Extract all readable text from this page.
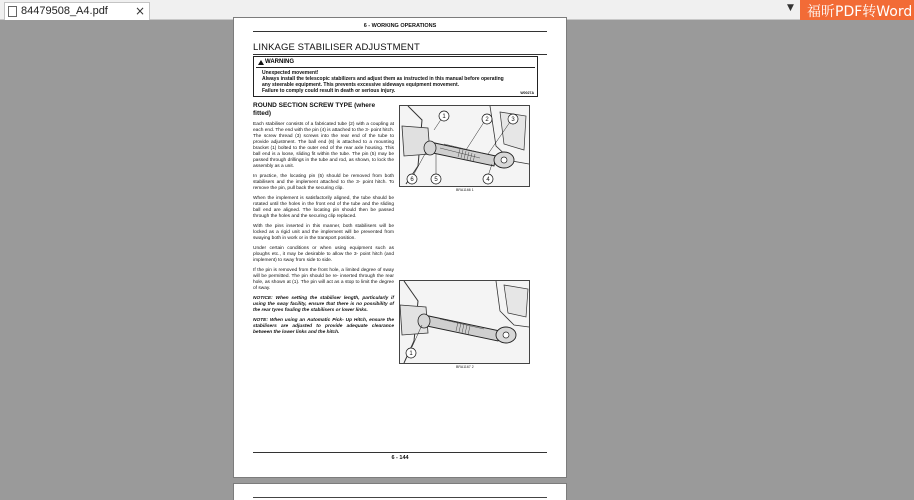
84479508_A4.pdf ×	▼ 福昕PDF转Word
6 - WORKING OPERATIONS
LINKAGE STABILISER ADJUSTMENT
WARNING
Unexpected movement!
Always install the telescopic stabilizers and adjust them as instructed in this manual before operating
any steerable equipment. This prevents excessive sideways equipment movement.
Failure to comply could result in death or serious injury.	W0027A
ROUND SECTION SCREW TYPE (where fitted)

Each stabiliser consists of a fabricated tube (2) with a coupling at each end. The end with the pin (4) is attached to the 3- point hitch. The screw thread (3) screws into the rear end of the tube to provide adjustment. The ball end (6) is attached to a mounting bracket (1) bolted to the outer end of the rear axle housing. This ball end is a loose, sliding fit within the tube. The pin (5) may be passed through drillings in the tube and rod, as shown, to lock the assembly as a unit.

In practice, the locating pin (5) should be removed from both stabilisers and the implement attached to the 3- point hitch. To remove the pin, pull back the securing clip.

When the implement is satisfactorily aligned, the tube should be rotated until the holes in the front end of the tube and the sliding ball end are aligned. The locating pin should then be passed through the holes and the securing clip replaced.

With the pins inserted in this manner, both stabilisers will be locked as a rigid unit and the implement will be prevented from swaying both in work or in the transport position.

Under certain conditions or when using equipment such as ploughs etc., it may be desirable to allow the 3- point hitch (and implement) to sway from side to side.

If the pin is removed from the front hole, a limited degree of sway will be permitted. The pin should be re- inserted through the rear hole, as shown at (1). The pin will act as a stop to limit the degree of sway.

NOTICE: When setting the stabiliser length, particularly if using the sway facility, ensure that there is no possibility of the rear tyres fouling the stabilisers or lower links.

NOTE: When using an Automatic Pick- Up Hitch, ensure the stabilisers are adjusted to provide adequate clearance between the lower links and the hitch.

1	2	3
4
5
6
BRA1166 1
1
BRA1167 2
6 - 144
